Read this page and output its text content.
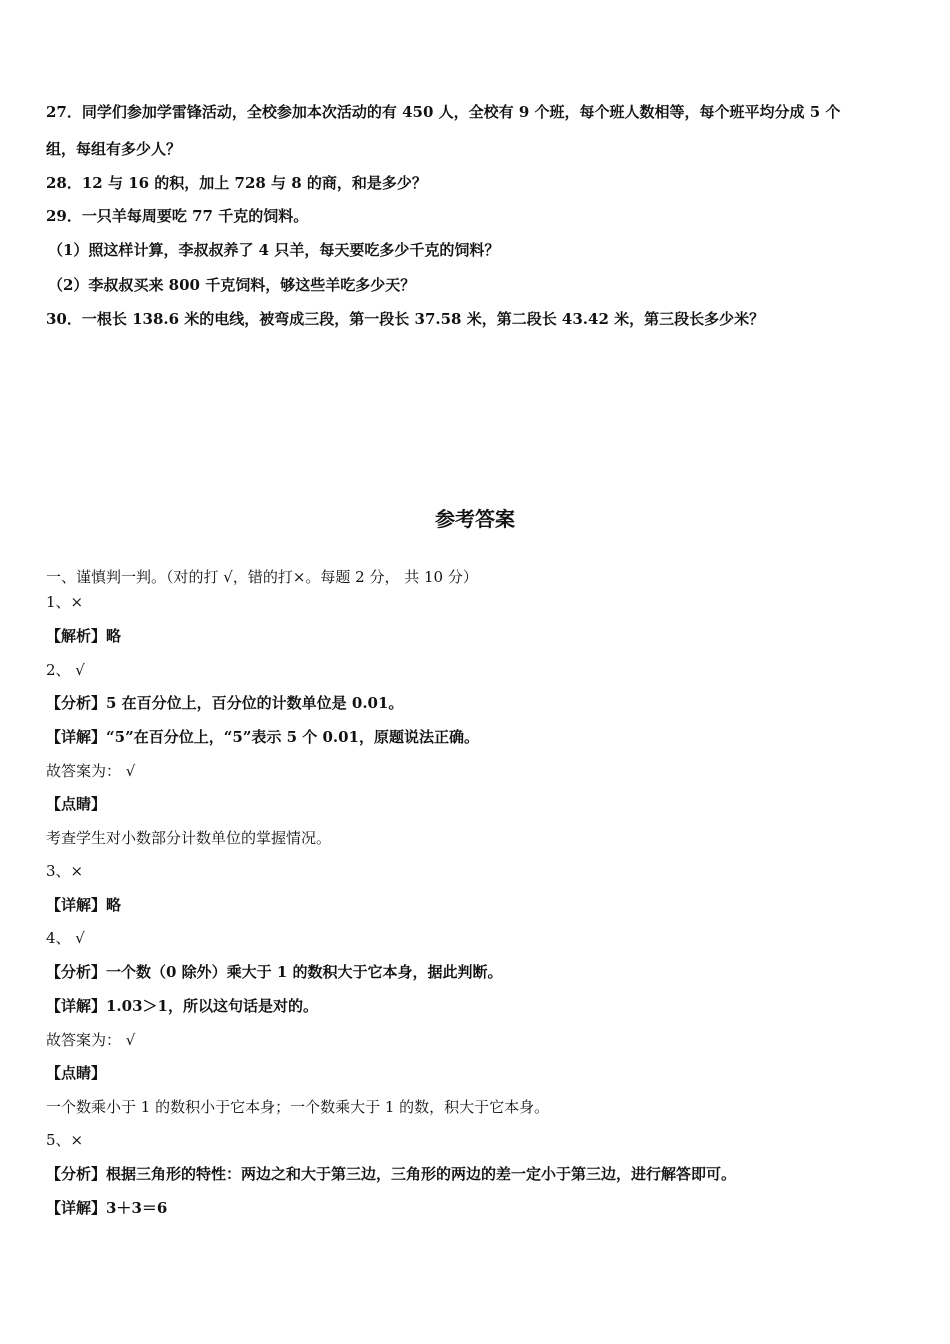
27．同学们参加学雷锋活动，全校参加本次活动的有 450 人，全校有 9 个班，每个班人数相等，每个班平均分成 5 个
组，每组有多少人？
28．12 与 16 的积，加上 728 与 8 的商，和是多少？
29．一只羊每周要吃 77 千克的饲料。
（1）照这样计算，李叔叔养了 4 只羊，每天要吃多少千克的饲料？
（2）李叔叔买来 800 千克饲料，够这些羊吃多少天？
30．一根长 138.6 米的电线，被弯成三段，第一段长 37.58 米，第二段长 43.42 米，第三段长多少米？
参考答案
一、谨慎判一判。（对的打 √，错的打×。每题 2 分， 共 10 分）
1、×
【解析】略
2、 √
【分析】5 在百分位上，百分位的计数单位是 0.01。
【详解】“5”在百分位上，“5”表示 5 个 0.01，原题说法正确。
故答案为： √
【点睛】
考查学生对小数部分计数单位的掌握情况。
3、×
【详解】略
4、 √
【分析】一个数（0 除外）乘大于 1 的数积大于它本身，据此判断。
【详解】1.03＞1，所以这句话是对的。
故答案为： √
【点睛】
一个数乘小于 1 的数积小于它本身；一个数乘大于 1 的数，积大于它本身。
5、×
【分析】根据三角形的特性：两边之和大于第三边，三角形的两边的差一定小于第三边，进行解答即可。
【详解】3＋3＝6
